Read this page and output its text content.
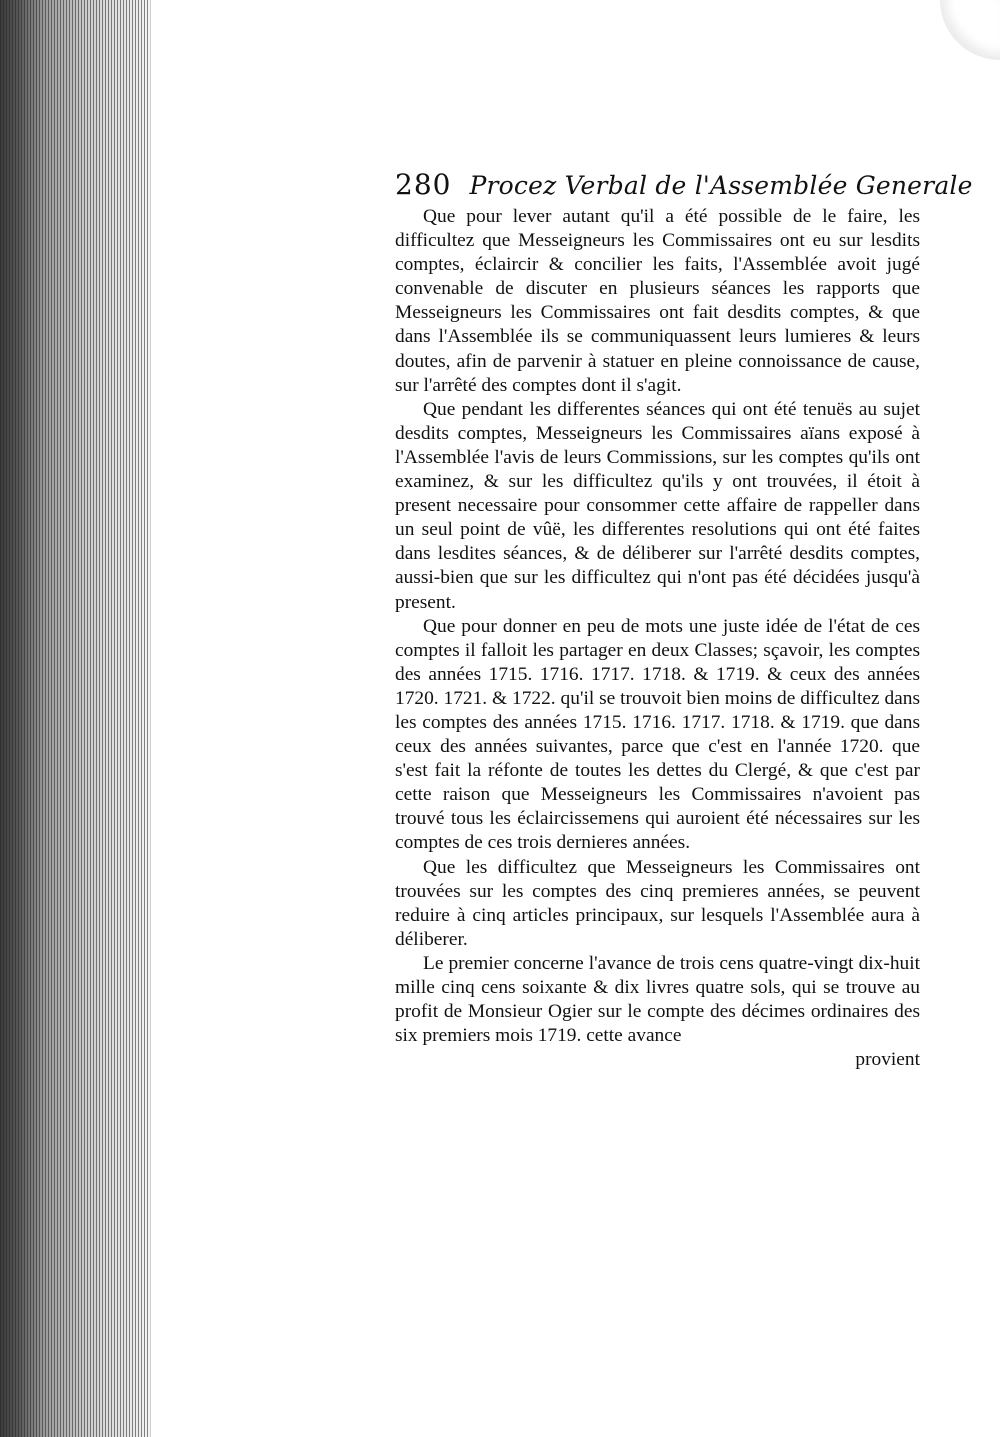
280 Procez Verbal de l'Assemblée Generale

Que pour lever autant qu'il a été possible de le faire, les difficultez que Messeigneurs les Commissaires ont eu sur lesdits comptes, éclaircir & concilier les faits, l'Assemblée avoit jugé convenable de discuter en plusieurs séances les rapports que Messeigneurs les Commissaires ont fait desdits comptes, & que dans l'Assemblée ils se communiquassent leurs lumieres & leurs doutes, afin de parvenir à statuer en pleine connoissance de cause, sur l'arrêté des comptes dont il s'agit.

Que pendant les differentes séances qui ont été tenuës au sujet desdits comptes, Messeigneurs les Commissaires aïans exposé à l'Assemblée l'avis de leurs Commissions, sur les comptes qu'ils ont examinez, & sur les difficultez qu'ils y ont trouvées, il étoit à present necessaire pour consommer cette affaire de rappeller dans un seul point de vûë, les differentes resolutions qui ont été faites dans lesdites séances, & de déliberer sur l'arrêté desdits comptes, aussi-bien que sur les difficultez qui n'ont pas été décidées jusqu'à present.

Que pour donner en peu de mots une juste idée de l'état de ces comptes il falloit les partager en deux Classes; sçavoir, les comptes des années 1715. 1716. 1717. 1718. & 1719. & ceux des années 1720. 1721. & 1722. qu'il se trouvoit bien moins de difficultez dans les comptes des années 1715. 1716. 1717. 1718. & 1719. que dans ceux des années suivantes, parce que c'est en l'année 1720. que s'est fait la réfonte de toutes les dettes du Clergé, & que c'est par cette raison que Messeigneurs les Commissaires n'avoient pas trouvé tous les éclaircissemens qui auroient été nécessaires sur les comptes de ces trois dernieres années.

Que les difficultez que Messeigneurs les Commissaires ont trouvées sur les comptes des cinq premieres années, se peuvent reduire à cinq articles principaux, sur lesquels l'Assemblée aura à déliberer.

Le premier concerne l'avance de trois cens quatre-vingt dix-huit mille cinq cens soixante & dix livres quatre sols, qui se trouve au profit de Monsieur Ogier sur le compte des décimes ordinaires des six premiers mois 1719. cette avance

provient
